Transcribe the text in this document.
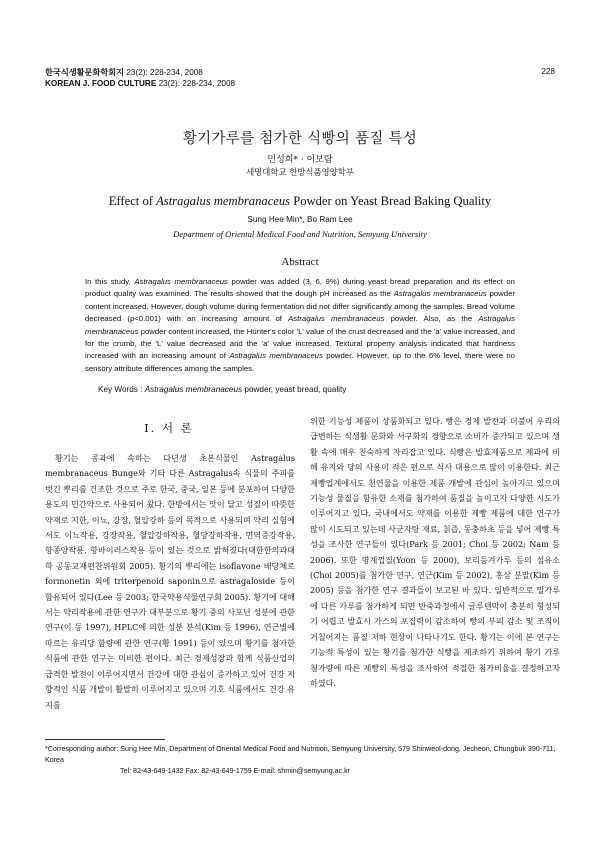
한국식생활문화학회지 23(2): 228-234, 2008
KOREAN J. FOOD CULTURE 23(2): 228-234, 2008
228
황기가루를 첨가한 식빵의 품질 특성
민성희* · 이보람
세명대학교 한방식품영양학부
Effect of Astragalus membranaceus Powder on Yeast Bread Baking Quality
Sung Hee Min*, Bo Ram Lee
Department of Oriental Medical Food and Nutrition, Semyung University
Abstract
In this study, Astragalus membranaceus powder was added (3, 6, 9%) during yeast bread preparation and its effect on product quality was examined. The results showed that the dough pH increased as the Astragalus membranaceus powder content increased. However, dough volume during fermentation did not differ significantly among the samples. Bread volume decreased (p<0.001) with an increasing amount of Astragalus membranaceus powder. Also, as the Astragalus membranaceus powder content increased, the Hunter's color 'L' value of the crust decreased and the 'a' value increased, and for the crumb, the 'L' value decreased and the 'a' value increased. Textural property analysis indicated that hardness increased with an increasing amount of Astragalus membranaceus powder. However, up to the 6% level, there were no sensory attribute differences among the samples.
Key Words : Astragalus membranaceus powder, yeast bread, quality
I. 서 론

황기는 콩과에 속하는 다년생 초본식물인 Astragalus membranaceus Bunge와 기타 다른 Astragalus속 식물의 주피를 벗긴 뿌리를 건조한 것으로 주로 한국, 중국, 일본 등에 분포하여 다양한 용도의 민간약으로 사용되어 왔다. 한방에서는 맛이 달고 성질이 따뜻한 약재로 지한, 이뇨, 강장, 혈압강하 등의 목적으로 사용되며 약리 실험에서도 이뇨작용, 강장작용, 혈압강하작용, 혈당강하작용, 면역증강작용, 항종양작용, 항바이러스작용 등이 있는 것으로 밝혀졌다(대한한의과대학 공동교재편찬위원회 2005). 황기의 뿌리에는 isoflavone 배당체로 formonetin 외에 triterpenoid saponin으로 astragaloside 등이 함유되어 있다(Lee 등 2003; 한국약용식물연구회 2005). 황기에 대해서는 약리작용에 관한 연구가 대부분으로 황기 중의 사포닌 성분에 관한 연구(이 등 1997), HPLC에 의한 성분 분석(Kim 등 1996), 연근별에 따르는 유리당 함량에 관한 연구(황 1991) 등이 있으며 황기를 첨가한 식품에 관한 연구는 미비한 편이다. 최근 경제성장과 함께 식품산업의 급격한 발전이 이루어지면서 건강에 대한 관심이 증가하고 있어 건강 지향적인 식품 개발이 활발히 이루어지고 있으며 기호 식품에서도 건강 유지를

위한 기능성 제품이 상품화되고 있다. 빵은 경제 발전과 더불어 우리의 급변하는 식생활 문화와 서구화의 경향으로 소비가 증가되고 있으며 생활 속에 매우 친숙하게 자리잡고 있다. 식빵은 발효제품으로 제과에 비해 유지와 당의 사용이 적은 편으로 식사 대용으로 많이 이용한다. 최근 제빵업계에서도 천연물을 이용한 제품 개발에 관심이 높아지고 있으며 기능성 물질을 함유한 소재를 첨가하여 품질을 높이고자 다양한 시도가 이루어지고 있다. 국내에서도 약재를 이용한 제빵 제품에 대한 연구가 많이 시도되고 있는데 사군자탕 재료, 칡즙, 동충하초 등을 넣어 제빵 특성을 조사한 연구들이 있다(Park 등 2001; Choi 등 2002; Nam 등 2006). 또한 명계껍질(Yoon 등 2000), 보리등겨가루 등의 섬유소(Choi 2005)를 첨가한 연구, 연근(Kim 등 2002), 홍삼 분말(Kim 등 2005) 등을 첨가한 연구 결과들이 보고된 바 있다. 일반적으로 밀가루에 다른 가루를 첨가하게 되면 반죽과정에서 글루텐막이 충분히 형성되기 어렵고 발효시 가스의 포집력이 감소하여 빵의 부피 감소 및 조직이 거칠어지는 품질 저하 현상이 나타나기도 한다. 황기는 이에 본 연구는 기능적 특성이 있는 황기를 첨가한 식빵을 제조하기 위하여 황기 가루 첨가량에 따른 제빵의 특성을 조사하여 적절한 첨가비율을 결정하고자 하였다.

*Corresponding author: Sung Hee Min, Department of Oriental Medical Food and Nutrition, Semyung University, 579 Shinweol-dong, Jecheon, Chungbuk 390-711, Korea
Tel: 82-43-649-1432 Fax: 82-43-649-1759 E-mail: shmin@semyung.ac.kr
